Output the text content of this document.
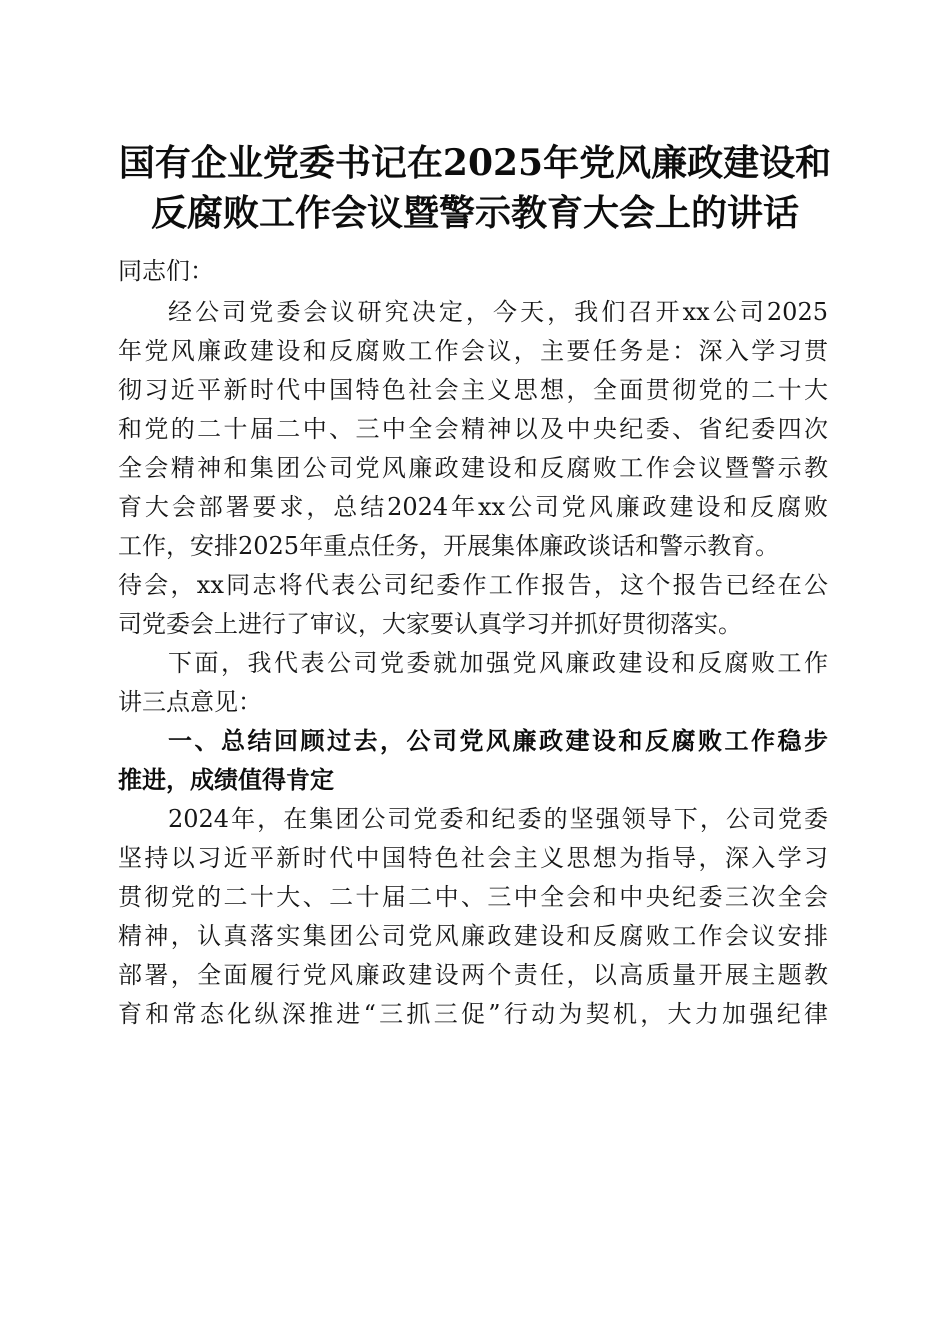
国有企业党委书记在2025年党风廉政建设和
反腐败工作会议暨警示教育大会上的讲话
同志们：
经公司党委会议研究决定，今天，我们召开xx公司2025
年党风廉政建设和反腐败工作会议，主要任务是：深入学习贯
彻习近平新时代中国特色社会主义思想，全面贯彻党的二十大
和党的二十届二中、三中全会精神以及中央纪委、省纪委四次
全会精神和集团公司党风廉政建设和反腐败工作会议暨警示教
育大会部署要求，总结2024年xx公司党风廉政建设和反腐败
工作，安排2025年重点任务，开展集体廉政谈话和警示教育。
待会，xx同志将代表公司纪委作工作报告，这个报告已经在公
司党委会上进行了审议，大家要认真学习并抓好贯彻落实。
下面，我代表公司党委就加强党风廉政建设和反腐败工作
讲三点意见：
一、总结回顾过去，公司党风廉政建设和反腐败工作稳步
推进，成绩值得肯定
2024年，在集团公司党委和纪委的坚强领导下，公司党委
坚持以习近平新时代中国特色社会主义思想为指导，深入学习
贯彻党的二十大、二十届二中、三中全会和中央纪委三次全会
精神，认真落实集团公司党风廉政建设和反腐败工作会议安排
部署，全面履行党风廉政建设两个责任，以高质量开展主题教
育和常态化纵深推进“三抓三促”行动为契机，大力加强纪律
